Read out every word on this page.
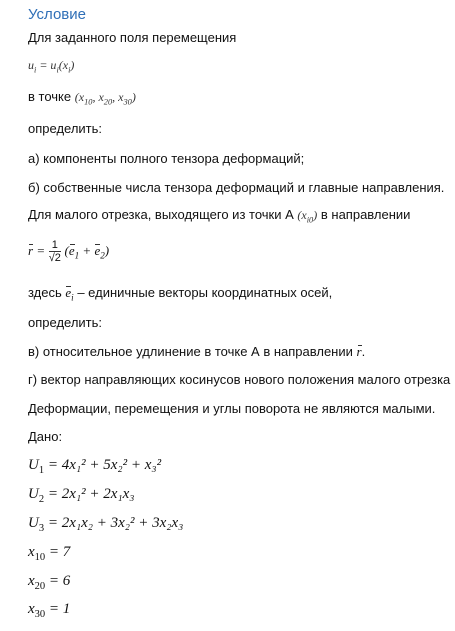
Условие
Для заданного поля перемещения
$u_i = u_i(x_i)$
в точке ($x_{10}$, $x_{20}$, $x_{30}$)
определить:
а) компоненты полного тензора деформаций;
б) собственные числа тензора деформаций и главные направления.
Для малого отрезка, выходящего из точки А $(x_{i0})$ в направлении
$r = \frac{1}{√2} (e_1 + e_2)$
здесь $e_i$ – единичные векторы координатных осей,
определить:
в) относительное удлинение в точке А в направлении r.
г) вектор направляющих косинусов нового положения малого отрезка
Деформации, перемещения и углы поворота не являются малыми.
Дано:
$U_1 = 4x_1^2 + 5x_2^2 + x_3^2$
$U_2 = 2x_1^2 + 2x_1x_3$
$U_3 = 2x_1x_2 + 3x_2^2 + 3x_2x_3$
$x_{10} = 7$
$x_{20} = 6$
$x_{30} = 1$
